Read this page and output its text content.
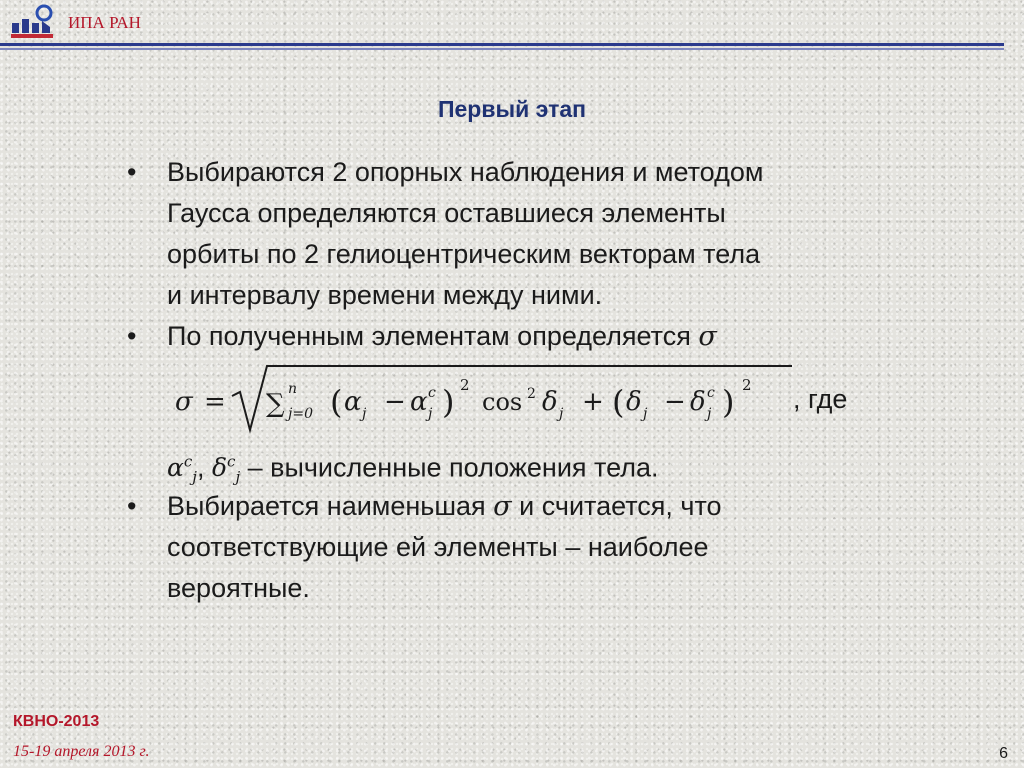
ИПА РАН
Первый этап
• Выбираются 2 опорных наблюдения и методом
Гаусса определяются оставшиеся элементы
орбиты по 2 гелиоцентрическим векторам тела
и интервалу времени между ними.
• По полученным элементам определяется σ
σ = ∑ n
j=0 ( α j − α c
j ) 2
cos 2 δ j + ( δ j − δ c
j ) 2 , где
$\alpha^c_j$, $\delta^c_j$ – вычисленные положения тела.
• Выбирается наименьшая σ и считается, что
соответствующие ей элементы – наиболее
вероятные.
КВНО-2013
15-19 апреля 2013 г.	6
